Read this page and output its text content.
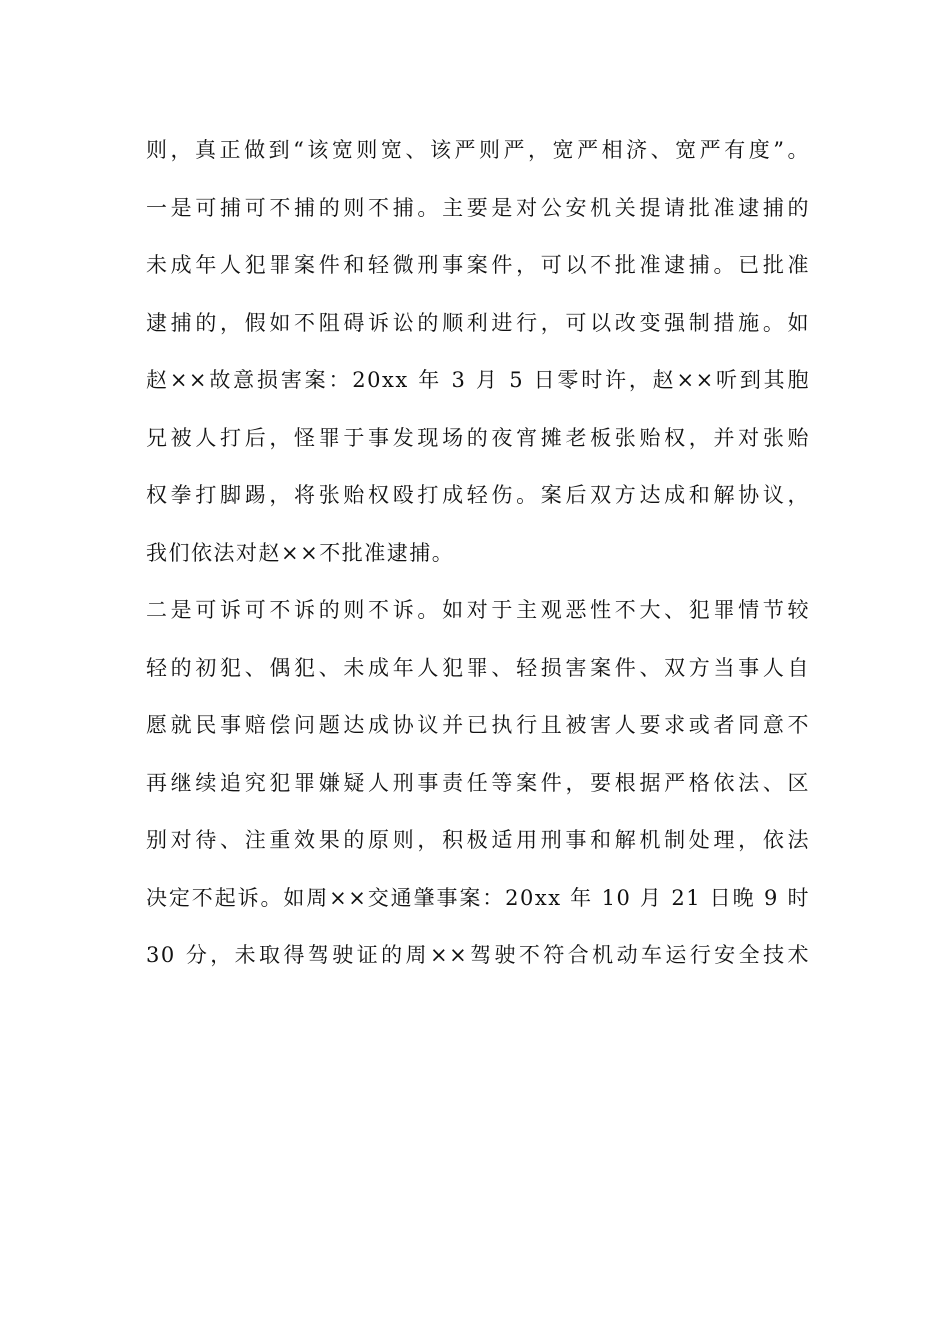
则，真正做到“该宽则宽、该严则严，宽严相济、宽严有度”。
一是可捕可不捕的则不捕。主要是对公安机关提请批准逮捕的
未成年人犯罪案件和轻微刑事案件，可以不批准逮捕。已批准
逮捕的，假如不阻碍诉讼的顺利进行，可以改变强制措施。如
赵××故意损害案：20xx 年 3 月 5 日零时许，赵××听到其胞
兄被人打后，怪罪于事发现场的夜宵摊老板张贻权，并对张贻
权拳打脚踢，将张贻权殴打成轻伤。案后双方达成和解协议，
我们依法对赵××不批准逮捕。
二是可诉可不诉的则不诉。如对于主观恶性不大、犯罪情节较
轻的初犯、偶犯、未成年人犯罪、轻损害案件、双方当事人自
愿就民事赔偿问题达成协议并已执行且被害人要求或者同意不
再继续追究犯罪嫌疑人刑事责任等案件，要根据严格依法、区
别对待、注重效果的原则，积极适用刑事和解机制处理，依法
决定不起诉。如周××交通肇事案：20xx 年 10 月 21 日晚 9 时
30 分，未取得驾驶证的周××驾驶不符合机动车运行安全技术
